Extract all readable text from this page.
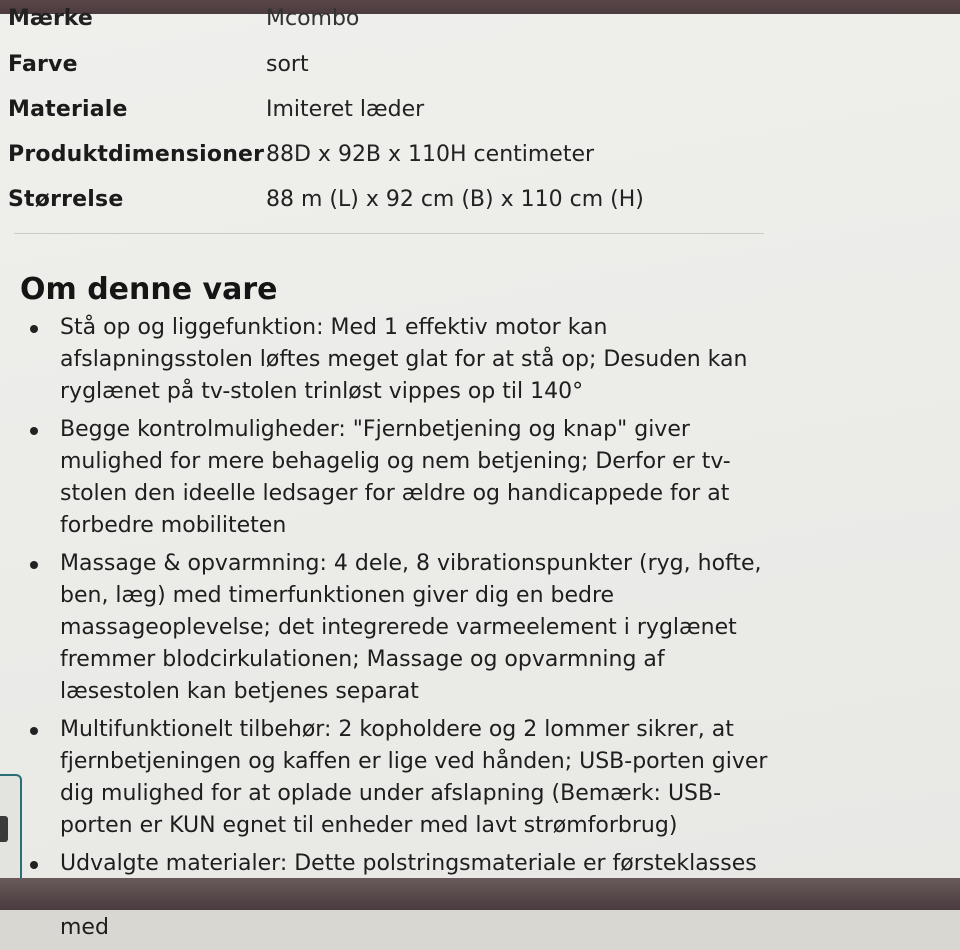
Mærke	Mcombo
Farve	sort
Materiale	Imiteret læder
Produktdimensioner 88D x 92B x 110H centimeter
Størrelse	88 m (L) x 92 cm (B) x 110 cm (H)
Om denne vare
Stå op og liggefunktion: Med 1 effektiv motor kan afslapningsstolen løftes meget glat for at stå op; Desuden kan ryglænet på tv-stolen trinløst vippes op til 140°
Begge kontrolmuligheder: "Fjernbetjening og knap" giver mulighed for mere behagelig og nem betjening; Derfor er tv-stolen den ideelle ledsager for ældre og handicappede for at forbedre mobiliteten
Massage & opvarmning: 4 dele, 8 vibrationspunkter (ryg, hofte, ben, læg) med timerfunktionen giver dig en bedre massageoplevelse; det integrerede varmeelement i ryglænet fremmer blodcirkulationen; Massage og opvarmning af læsestolen kan betjenes separat
Multifunktionelt tilbehør: 2 kopholdere og 2 lommer sikrer, at fjernbetjeningen og kaffen er lige ved hånden; USB-porten giver dig mulighed for at oplade under afslapning (Bemærk: USB-porten er KUN egnet til enheder med lavt strømforbrug)
Udvalgte materialer: Dette polstringsmateriale er førsteklasses med
